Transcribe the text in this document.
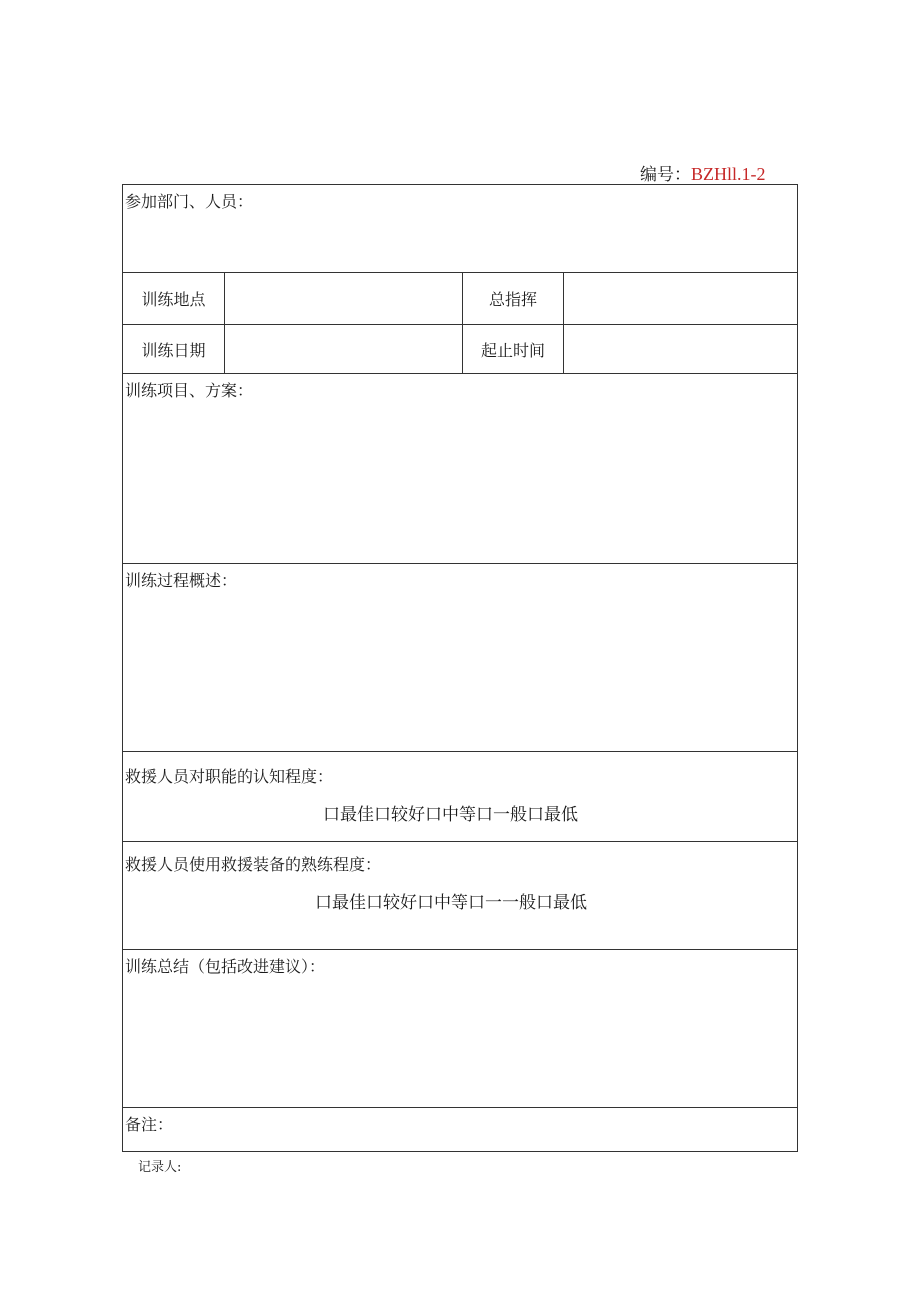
编号：BZHll.1-2
参加部门、人员：
训练地点	总指挥
训练日期	起止时间
训练项目、方案：
训练过程概述：
救援人员对职能的认知程度：
口最佳口较好口中等口一般口最低
救援人员使用救援装备的熟练程度：
口最佳口较好口中等口一一般口最低
训练总结（包括改进建议）：
备注：
记录人:
